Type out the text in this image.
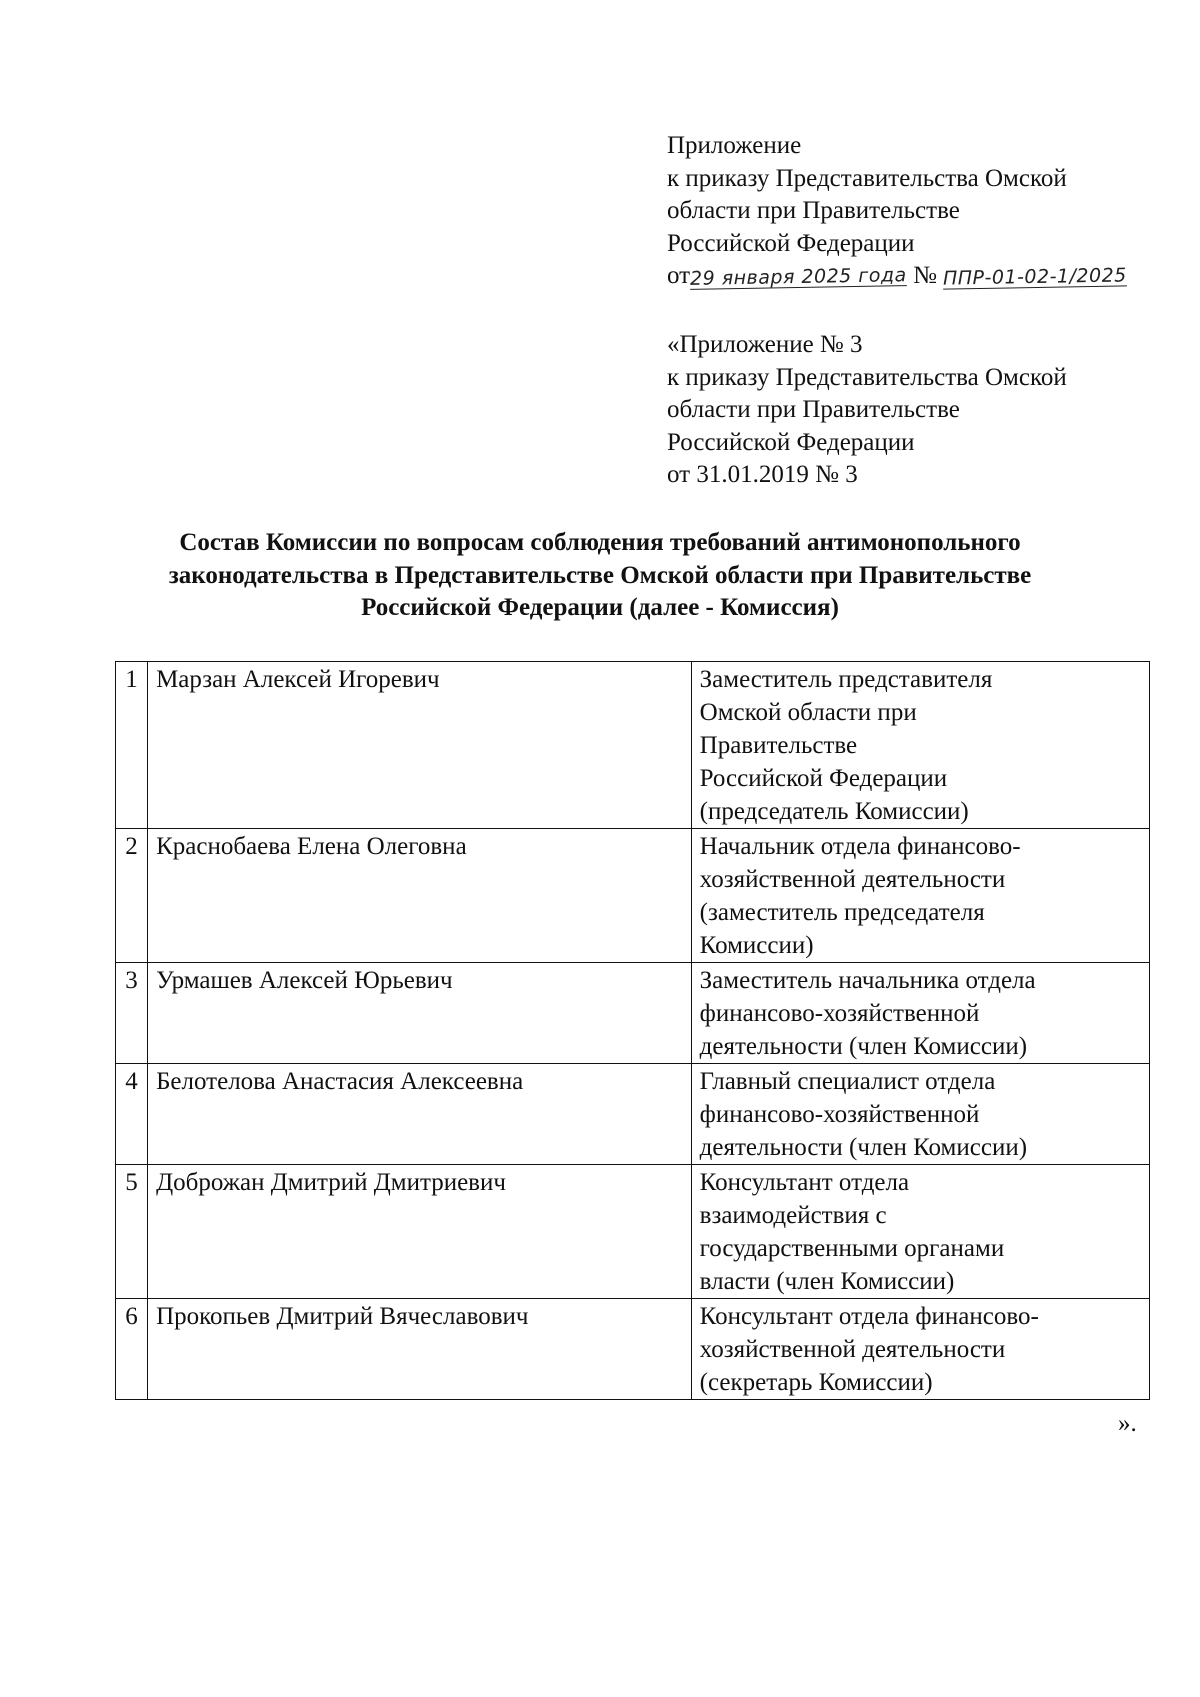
Приложение
к приказу Представительства Омской
области при Правительстве
Российской Федерации
от29 января 2025 года № ППР-01-02-1/2025
«Приложение № 3
к приказу Представительства Омской
области при Правительстве
Российской Федерации
от 31.01.2019 № 3
Состав Комиссии по вопросам соблюдения требований антимонопольного
законодательства в Представительстве Омской области при Правительстве
Российской Федерации (далее - Комиссия)
1	Марзан Алексей Игоревич	Заместитель представителя
Омской области при
Правительстве
Российской Федерации
(председатель Комиссии)

2	Краснобаева Елена Олеговна	Начальник отдела финансово-
хозяйственной деятельности
(заместитель председателя
Комиссии)

3	Урмашев Алексей Юрьевич	Заместитель начальника отдела
финансово-хозяйственной
деятельности (член Комиссии)

4	Белотелова Анастасия Алексеевна	Главный специалист отдела
финансово-хозяйственной
деятельности (член Комиссии)

5	Доброжан Дмитрий Дмитриевич	Консультант отдела
взаимодействия с
государственными органами
власти (член Комиссии)

6	Прокопьев Дмитрий Вячеславович	Консультант отдела финансово-
хозяйственной деятельности
(секретарь Комиссии)
».
